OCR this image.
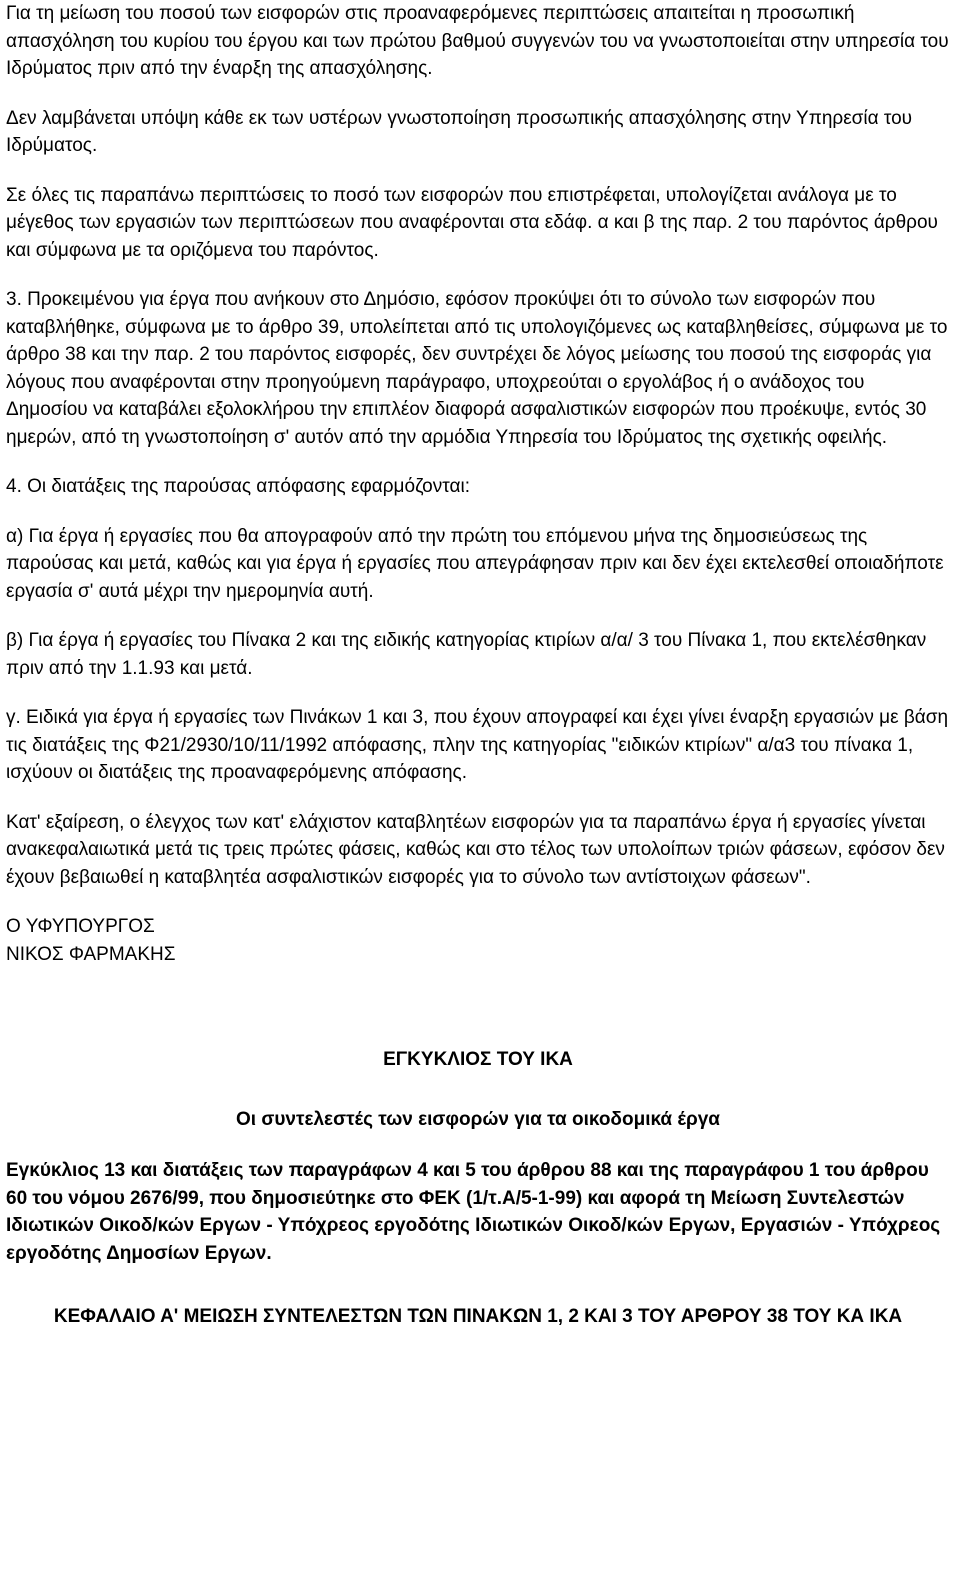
Για τη μείωση του ποσού των εισφορών στις προαναφερόμενες περιπτώσεις απαιτείται η προσωπική απασχόληση του κυρίου του έργου και των πρώτου βαθμού συγγενών του να γνωστοποιείται στην υπηρεσία του Ιδρύματος πριν από την έναρξη της απασχόλησης.

Δεν λαμβάνεται υπόψη κάθε εκ των υστέρων γνωστοποίηση προσωπικής απασχόλησης στην Υπηρεσία του Ιδρύματος.

Σε όλες τις παραπάνω περιπτώσεις το ποσό των εισφορών που επιστρέφεται, υπολογίζεται ανάλογα με το μέγεθος των εργασιών των περιπτώσεων που αναφέρονται στα εδάφ. α και β της παρ. 2 του παρόντος άρθρου και σύμφωνα με τα οριζόμενα του παρόντος.

3. Προκειμένου για έργα που ανήκουν στο Δημόσιο, εφόσον προκύψει ότι το σύνολο των εισφορών που καταβλήθηκε, σύμφωνα με το άρθρο 39, υπολείπεται από τις υπολογιζόμενες ως καταβληθείσες, σύμφωνα με το άρθρο 38 και την παρ. 2 του παρόντος εισφορές, δεν συντρέχει δε λόγος μείωσης του ποσού της εισφοράς για λόγους που αναφέρονται στην προηγούμενη παράγραφο, υποχρεούται ο εργολάβος ή ο ανάδοχος του Δημοσίου να καταβάλει εξολοκλήρου την επιπλέον διαφορά ασφαλιστικών εισφορών που προέκυψε, εντός 30 ημερών, από τη γνωστοποίηση σ' αυτόν από την αρμόδια Υπηρεσία του Ιδρύματος της σχετικής οφειλής.

4. Οι διατάξεις της παρούσας απόφασης εφαρμόζονται:

α) Για έργα ή εργασίες που θα απογραφούν από την πρώτη του επόμενου μήνα της δημοσιεύσεως της παρούσας και μετά, καθώς και για έργα ή εργασίες που απεγράφησαν πριν και δεν έχει εκτελεσθεί οποιαδήποτε εργασία σ' αυτά μέχρι την ημερομηνία αυτή.

β) Για έργα ή εργασίες του Πίνακα 2 και της ειδικής κατηγορίας κτιρίων α/α/ 3 του Πίνακα 1, που εκτελέσθηκαν πριν από την 1.1.93 και μετά.

γ. Ειδικά για έργα ή εργασίες των Πινάκων 1 και 3, που έχουν απογραφεί και έχει γίνει έναρξη εργασιών με βάση τις διατάξεις της Φ21/2930/10/11/1992 απόφασης, πλην της κατηγορίας "ειδικών κτιρίων" α/α3 του πίνακα 1, ισχύουν οι διατάξεις της προαναφερόμενης απόφασης.

Κατ' εξαίρεση, ο έλεγχος των κατ' ελάχιστον καταβλητέων εισφορών για τα παραπάνω έργα ή εργασίες γίνεται ανακεφαλαιωτικά μετά τις τρεις πρώτες φάσεις, καθώς και στο τέλος των υπολοίπων τριών φάσεων, εφόσον δεν έχουν βεβαιωθεί η καταβλητέα ασφαλιστικών εισφορές για το σύνολο των αντίστοιχων φάσεων".

Ο ΥΦΥΠΟΥΡΓΟΣ

ΝΙΚΟΣ ΦΑΡΜΑΚΗΣ

ΕΓΚΥΚΛΙΟΣ ΤΟΥ ΙΚΑ

Οι συντελεστές των εισφορών για τα οικοδομικά έργα

Εγκύκλιος 13 και διατάξεις των παραγράφων 4 και 5 του άρθρου 88 και της παραγράφου 1 του άρθρου 60 του νόμου 2676/99, που δημοσιεύτηκε στο ΦΕΚ (1/τ.Α/5-1-99) και αφορά τη Μείωση Συντελεστών Ιδιωτικών Οικοδ/κών Εργων - Υπόχρεος εργοδότης Ιδιωτικών Οικοδ/κών Εργων, Εργασιών - Υπόχρεος εργοδότης Δημοσίων Εργων.

ΚΕΦΑΛΑΙΟ Α' ΜΕΙΩΣΗ ΣΥΝΤΕΛΕΣΤΩΝ ΤΩΝ ΠΙΝΑΚΩΝ 1, 2 ΚΑΙ 3 ΤΟΥ ΑΡΘΡΟΥ 38 ΤΟΥ ΚΑ ΙΚΑ
